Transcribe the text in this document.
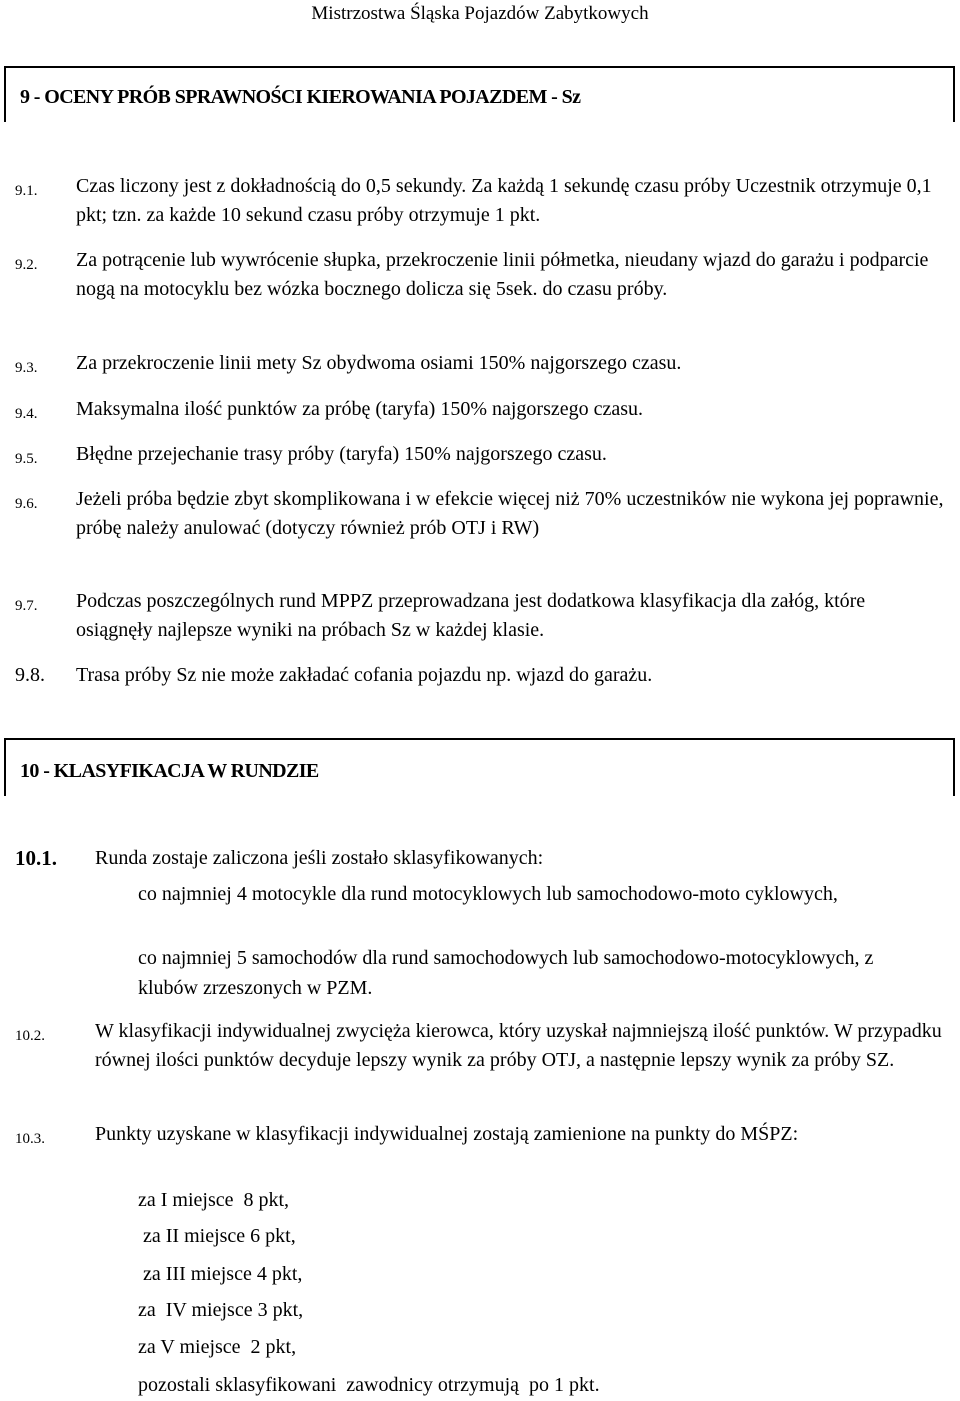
Mistrzostwa Śląska Pojazdów Zabytkowych
9 - OCENY PRÓB SPRAWNOŚCI KIEROWANIA POJAZDEM - Sz
9.1. Czas liczony jest z dokładnością do 0,5 sekundy. Za każdą 1 sekundę czasu próby Uczestnik otrzymuje 0,1 pkt; tzn. za każde 10 sekund czasu próby otrzymuje 1 pkt.
9.2. Za potrącenie lub wywrócenie słupka, przekroczenie linii półmetka, nieudany wjazd do garażu i podparcie nogą na motocyklu bez wózka bocznego dolicza się 5sek. do czasu próby.
9.3. Za przekroczenie linii mety Sz obydwoma osiami 150% najgorszego czasu.
9.4. Maksymalna ilość punktów za próbę (taryfa) 150% najgorszego czasu.
9.5. Błędne przejechanie trasy próby (taryfa) 150% najgorszego czasu.
9.6. Jeżeli próba będzie zbyt skomplikowana i w efekcie więcej niż 70% uczestników nie wykona jej poprawnie, próbę należy anulować (dotyczy również prób OTJ i RW)
9.7. Podczas poszczególnych rund MPPZ przeprowadzana jest dodatkowa klasyfikacja dla załóg, które osiągnęły najlepsze wyniki na próbach Sz w każdej klasie.
9.8. Trasa próby Sz nie może zakładać cofania pojazdu np. wjazd do garażu.
10 - KLASYFIKACJA W RUNDZIE
10.1. Runda zostaje zaliczona jeśli zostało sklasyfikowanych:
co najmniej 4 motocykle dla rund motocyklowych lub samochodowo-moto cyklowych,
co najmniej 5 samochodów dla rund samochodowych lub samochodowo-motocyklowych, z klubów zrzeszonych w PZM.
10.2.	W klasyfikacji indywidualnej zwycięża kierowca, który uzyskał najmniejszą ilość punktów. W przypadku równej ilości punktów decyduje lepszy wynik za próby OTJ, a następnie lepszy wynik za próby SZ.
10.3.	Punkty uzyskane w klasyfikacji indywidualnej zostają zamienione na punkty do MŚPZ:
za I miejsce  8 pkt,
za II miejsce 6 pkt,
za III miejsce 4 pkt,
za  IV miejsce 3 pkt,
za V miejsce  2 pkt,
pozostali sklasyfikowani  zawodnicy otrzymują  po 1 pkt.
